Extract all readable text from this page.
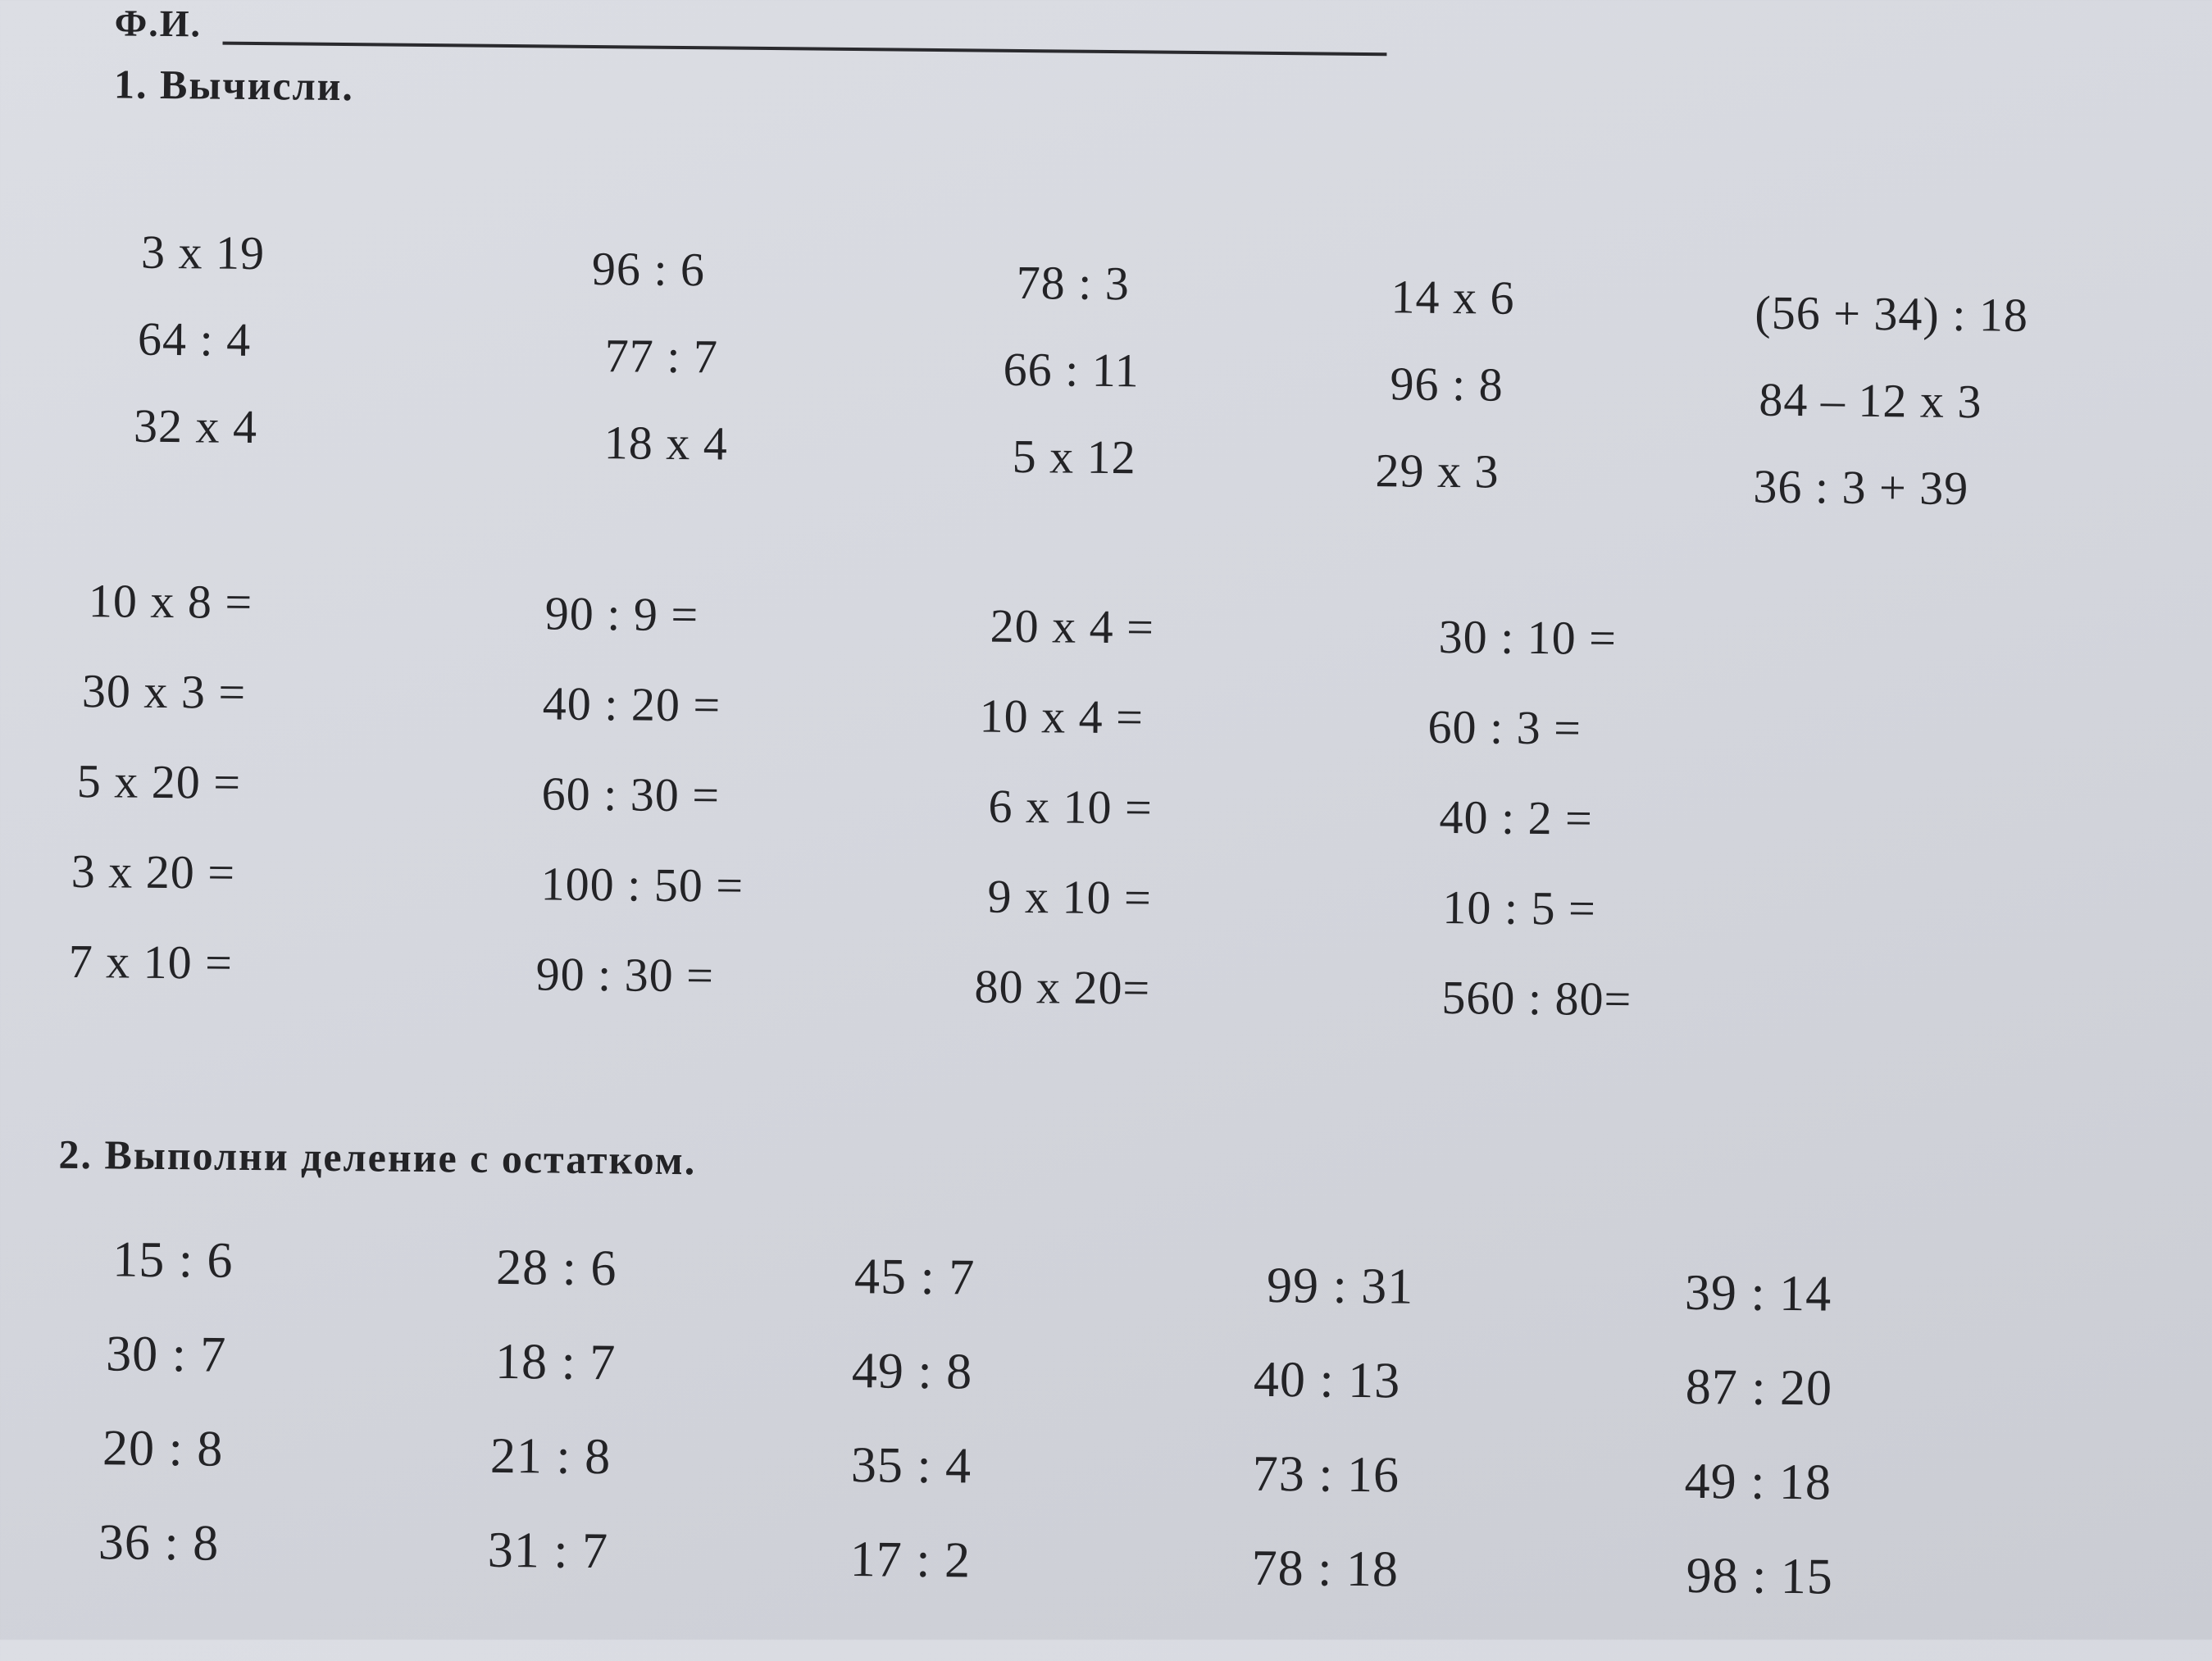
Ф.И.
1. Вычисли.
3 х 19
64 : 4
32 х 4
96 : 6
77 : 7
18 х 4
78 : 3
66 : 11
5 х 12
14 х 6
96 : 8
29 х 3
(56 + 34) : 18
84 – 12 х 3
36 : 3 + 39
10 х 8 =
30 х 3 =
5 х 20 =
3 х 20 =
7 х 10 =
90 : 9 =
40 : 20 =
60 : 30 =
100 : 50 =
90 : 30 =
20 х 4 =
10 х 4 =
6 х 10 =
9 х 10 =
80 х 20=
30 : 10 =
60 : 3 =
40 : 2 =
10 : 5 =
560 : 80=
2. Выполни деление с остатком.
15 : 6
30 : 7
20 : 8
36 : 8
28 : 6
18 : 7
21 : 8
31 : 7
45 : 7
49 : 8
35 : 4
17 : 2
99 : 31
40 : 13
73 : 16
78 : 18
39 : 14
87 : 20
49 : 18
98 : 15
